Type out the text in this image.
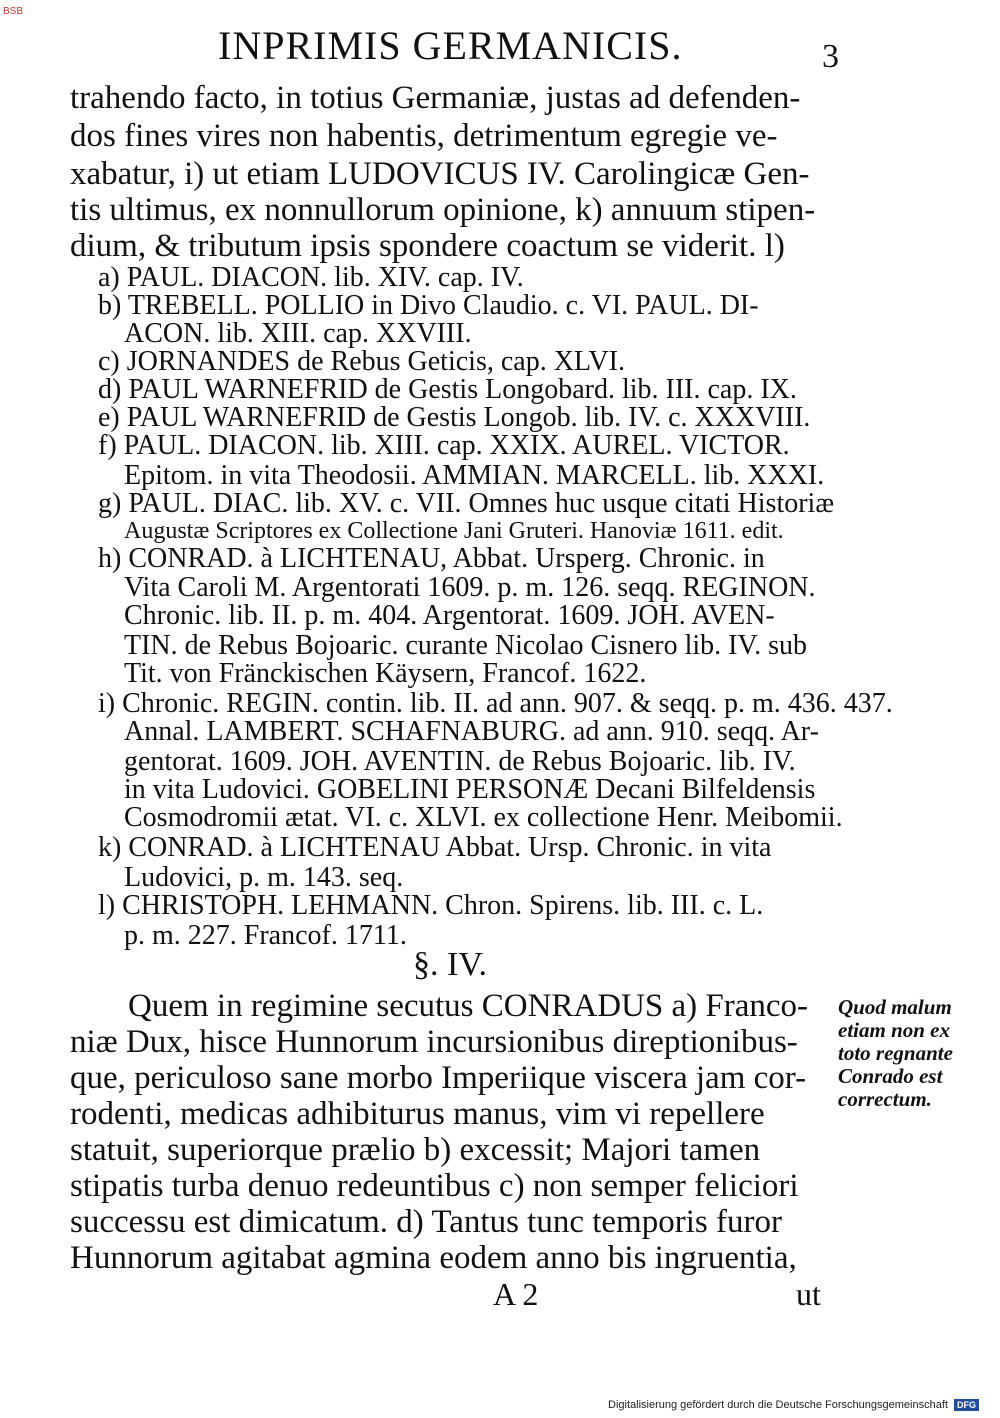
BSB
INPRIMIS GERMANICIS.	3
trahendo facto, in totius Germaniæ, justas ad defenden-
dos fines vires non habentis, detrimentum egregie ve-
xabatur, i) ut etiam LUDOVICUS IV. Carolingicæ Gen-
tis ultimus, ex nonnullorum opinione, k) annuum stipen-
dium, & tributum ipsis spondere coactum se viderit. l)
a) PAUL. DIACON. lib. XIV. cap. IV.
b) TREBELL. POLLIO in Divo Claudio. c. VI. PAUL. DI-
ACON. lib. XIII. cap. XXVIII.
c) JORNANDES de Rebus Geticis, cap. XLVI.
d) PAUL WARNEFRID de Gestis Longobard. lib. III. cap. IX.
e) PAUL WARNEFRID de Gestis Longob. lib. IV. c. XXXVIII.
f) PAUL. DIACON. lib. XIII. cap. XXIX. AUREL. VICTOR.
Epitom. in vita Theodosii. AMMIAN. MARCELL. lib. XXXI.
g) PAUL. DIAC. lib. XV. c. VII. Omnes huc usque citati Historiæ
Augustæ Scriptores ex Collectione Jani Gruteri. Hanoviæ 1611. edit.
h) CONRAD. à LICHTENAU, Abbat. Ursperg. Chronic. in
Vita Caroli M. Argentorati 1609. p. m. 126. seqq. REGINON.
Chronic. lib. II. p. m. 404. Argentorat. 1609. JOH. AVEN-
TIN. de Rebus Bojoaric. curante Nicolao Cisnero lib. IV. sub
Tit. von Fränckischen Käysern, Francof. 1622.
i) Chronic. REGIN. contin. lib. II. ad ann. 907. & seqq. p. m. 436. 437.
Annal. LAMBERT. SCHAFNABURG. ad ann. 910. seqq. Ar-
gentorat. 1609. JOH. AVENTIN. de Rebus Bojoaric. lib. IV.
in vita Ludovici. GOBELINI PERSONÆ Decani Bilfeldensis
Cosmodromii ætat. VI. c. XLVI. ex collectione Henr. Meibomii.
k) CONRAD. à LICHTENAU Abbat. Ursp. Chronic. in vita
Ludovici, p. m. 143. seq.
l) CHRISTOPH. LEHMANN. Chron. Spirens. lib. III. c. L.
p. m. 227. Francof. 1711.
§. IV.
Quem in regimine secutus CONRADUS a) Franco-
niæ Dux, hisce Hunnorum incursionibus direptionibus-
que, periculoso sane morbo Imperiique viscera jam cor-
rodenti, medicas adhibiturus manus, vim vi repellere
statuit, superiorque prælio b) excessit; Majori tamen
stipatis turba denuo redeuntibus c) non semper feliciori
successu est dimicatum. d) Tantus tunc temporis furor
Hunnorum agitabat agmina eodem anno bis ingruentia,
Quod malum
etiam non ex
toto regnante
Conrado est
correctum.
A 2	ut
Digitalisierung gefördert durch die Deutsche Forschungsgemeinschaft DFG
